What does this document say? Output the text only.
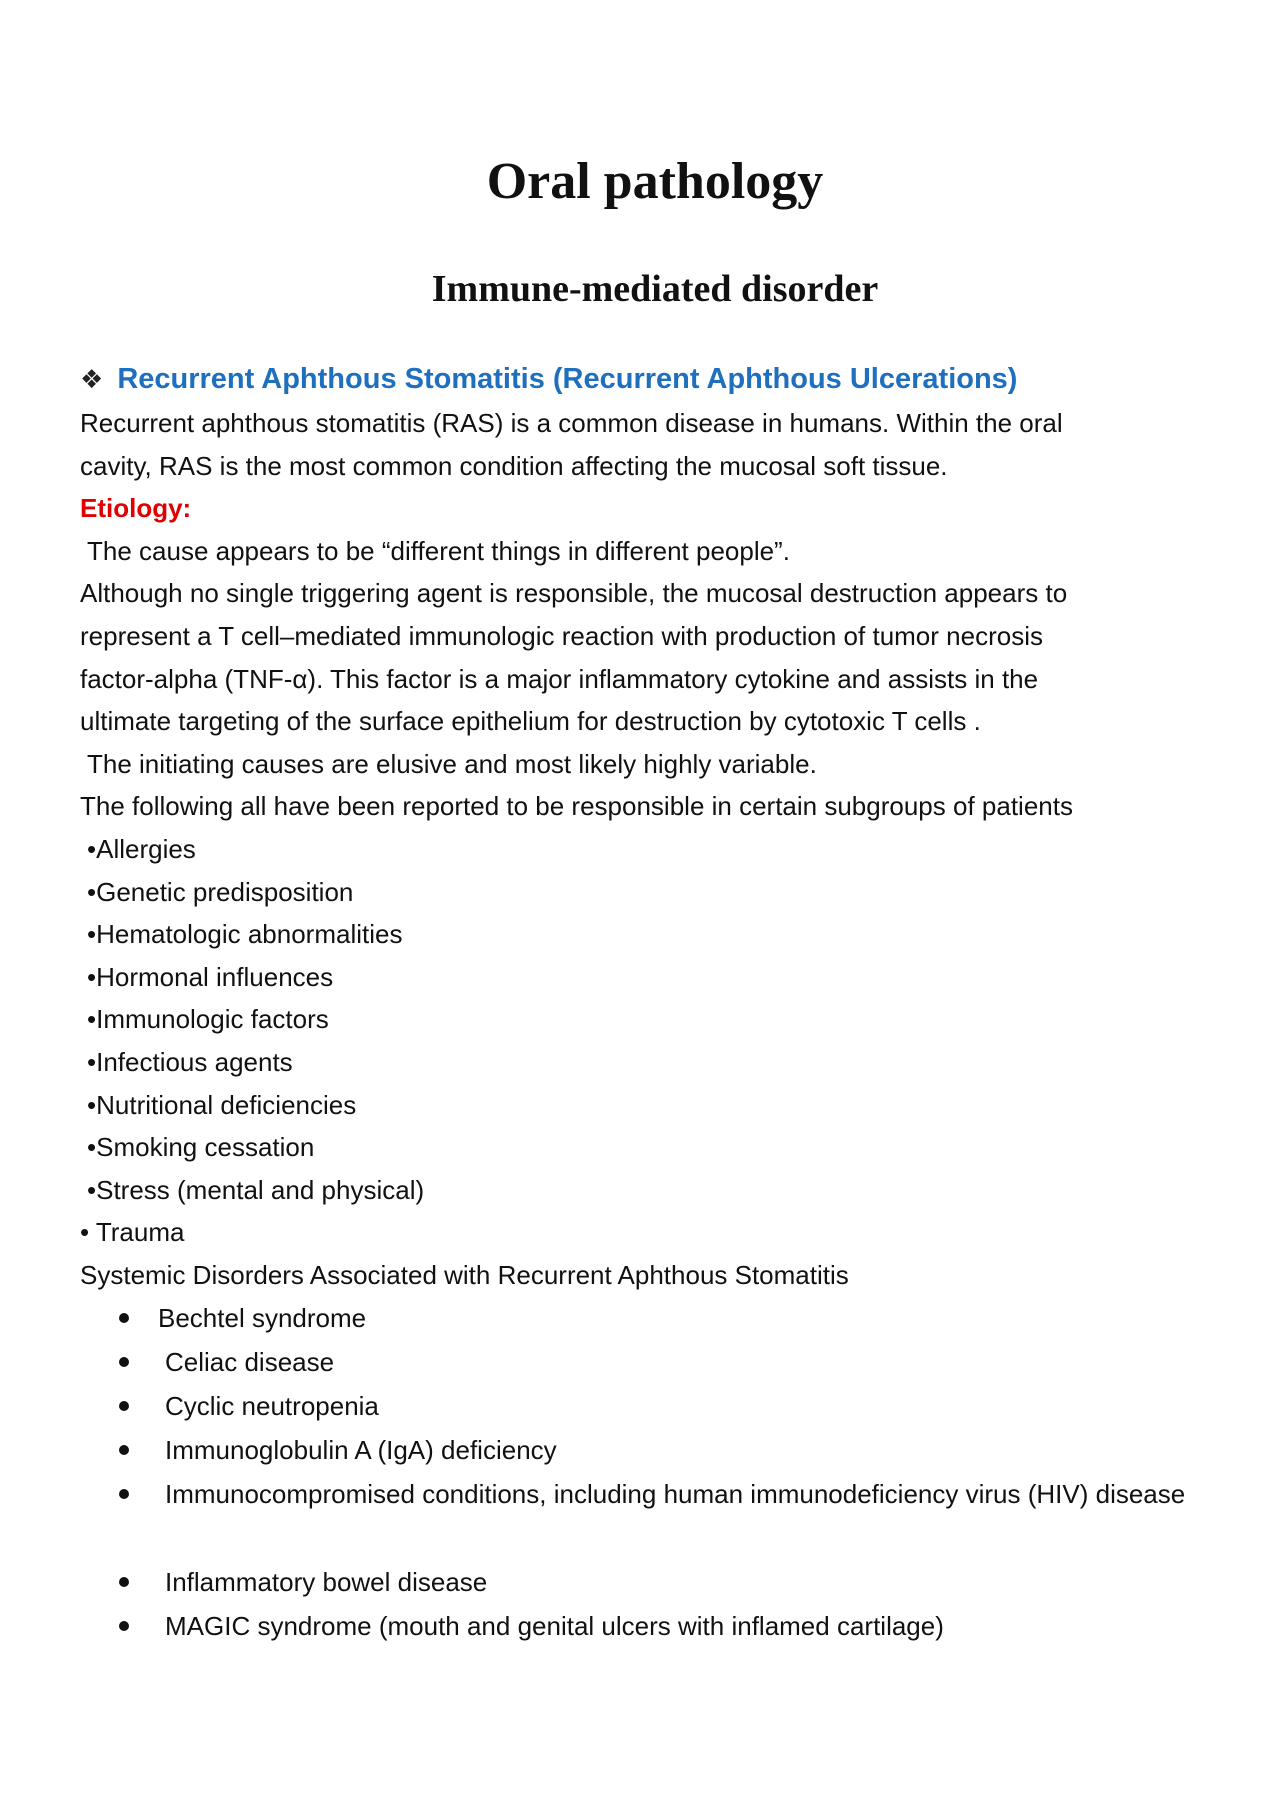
Oral pathology
Immune-mediated disorder
❖ Recurrent Aphthous Stomatitis (Recurrent Aphthous Ulcerations)
Recurrent aphthous stomatitis (RAS) is a common disease in humans. Within the oral
cavity, RAS is the most common condition affecting the mucosal soft tissue.
Etiology:
The cause appears to be “different things in different people”.
Although no single triggering agent is responsible, the mucosal destruction appears to
represent a T cell–mediated immunologic reaction with production of tumor necrosis
factor-alpha (TNF-α). This factor is a major inflammatory cytokine and assists in the
ultimate targeting of the surface epithelium for destruction by cytotoxic T cells .
The initiating causes are elusive and most likely highly variable.
The following all have been reported to be responsible in certain subgroups of patients
•Allergies
•Genetic predisposition
•Hematologic abnormalities
•Hormonal influences
•Immunologic factors
•Infectious agents
•Nutritional deficiencies
•Smoking cessation
•Stress (mental and physical)
• Trauma
Systemic Disorders Associated with Recurrent Aphthous Stomatitis
Bechtel syndrome
Celiac disease
Cyclic neutropenia
Immunoglobulin A (IgA) deficiency
Immunocompromised conditions, including human immunodeficiency virus (HIV) disease
Inflammatory bowel disease
MAGIC syndrome (mouth and genital ulcers with inflamed cartilage)
